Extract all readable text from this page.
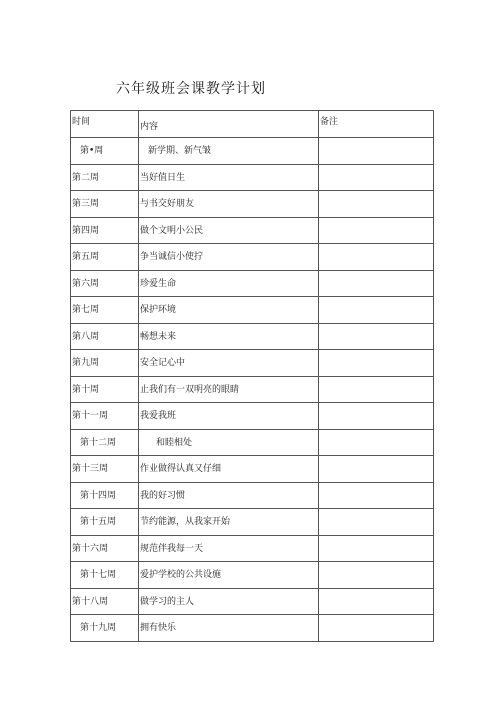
六年级班会课教学计划
时间	内容	备注

第•周	新学期、新气皱	

第二周	当好值日生	

第三周	与书交好朋友	

第四周	做个文明小公民	

第五周	争当诚信小使拧	

第六周	珍爱生命	

第七周	保护环境	

第八周	畅想未来	

第九周	安全记心中	

第十周	止我们有一双明亮的眼睛	

第十一周	我爱我班	

第十二周	和睦相处	

第十三周	作业做得认真又仔细	

第十四周	我的好习惯	

第十五周	节约能源，从我家开始	

第十六周	规范伴我每一天	

第十七周	爱护学校的公共设施	

第十八周	做学习的主人	

第十九周	拥有快乐	
